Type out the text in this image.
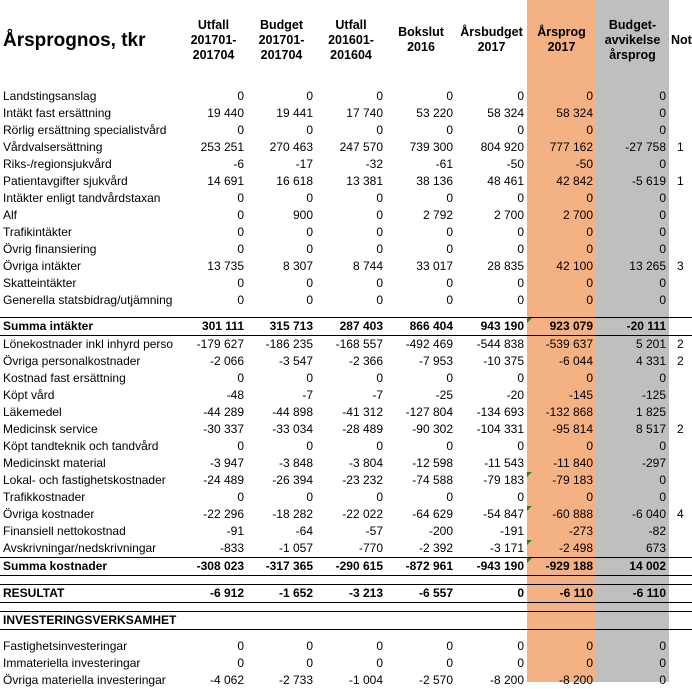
Årsprognos, tkr	Utfall
201701-
201704	Budget
201701-
201704	Utfall
201601-
201604	Bokslut
2016	Årsbudget
2017	Årsprog
2017	Budget-
avvikelse
årsprog	Not

Landstingsanslag	0	0	0	0	0	0	0	
Intäkt fast ersättning	19 440	19 441	17 740	53 220	58 324	58 324	0	
Rörlig ersättning specialistvård	0	0	0	0	0	0	0	
Vårdvalsersättning	253 251	270 463	247 570	739 300	804 920	777 162	-27 758	1
Riks-/regionsjukvård	-6	-17	-32	-61	-50	-50	0	
Patientavgifter sjukvård	14 691	16 618	13 381	38 136	48 461	42 842	-5 619	1
Intäkter enligt tandvårdstaxan	0	0	0	0	0	0	0	
Alf	0	900	0	2 792	2 700	2 700	0	
Trafikintäkter	0	0	0	0	0	0	0	
Övrig finansiering	0	0	0	0	0	0	0	
Övriga intäkter	13 735	8 307	8 744	33 017	28 835	42 100	13 265	3
Skatteintäkter	0	0	0	0	0	0	0	
Generella statsbidrag/utjämning	0	0	0	0	0	0	0	

Summa intäkter	301 111	315 713	287 403	866 404	943 190	923 079	-20 111	
Lönekostnader inkl inhyrd perso	-179 627	-186 235	-168 557	-492 469	-544 838	-539 637	5 201	2
Övriga personalkostnader	-2 066	-3 547	-2 366	-7 953	-10 375	-6 044	4 331	2
Kostnad fast ersättning	0	0	0	0	0	0	0	
Köpt vård	-48	-7	-7	-25	-20	-145	-125	
Läkemedel	-44 289	-44 898	-41 312	-127 804	-134 693	-132 868	1 825	
Medicinsk service	-30 337	-33 034	-28 489	-90 302	-104 331	-95 814	8 517	2
Köpt tandteknik och tandvård	0	0	0	0	0	0	0	
Medicinskt material	-3 947	-3 848	-3 804	-12 598	-11 543	-11 840	-297	
Lokal- och fastighetskostnader	-24 489	-26 394	-23 232	-74 588	-79 183	-79 183	0	
Trafikkostnader	0	0	0	0	0	0	0	
Övriga kostnader	-22 296	-18 282	-22 022	-64 629	-54 847	-60 888	-6 040	4
Finansiell nettokostnad	-91	-64	-57	-200	-191	-273	-82	
Avskrivningar/nedskrivningar	-833	-1 057	-770	-2 392	-3 171	-2 498	673	
Summa kostnader	-308 023	-317 365	-290 615	-872 961	-943 190	-929 188	14 002	

RESULTAT	-6 912	-1 652	-3 213	-6 557	0	-6 110	-6 110	

INVESTERINGSVERKSAMHET								

Fastighetsinvesteringar	0	0	0	0	0	0	0	
Immateriella investeringar	0	0	0	0	0	0	0	
Övriga materiella investeringar	-4 062	-2 733	-1 004	-2 570	-8 200	-8 200	0	
